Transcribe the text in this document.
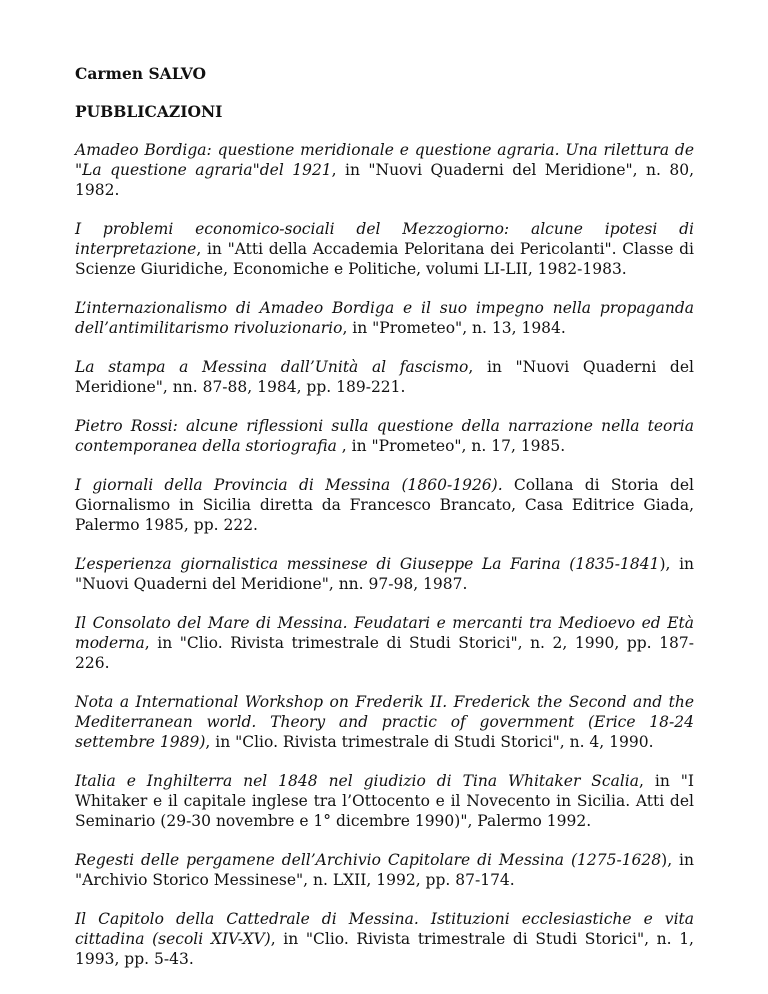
Carmen SALVO

PUBBLICAZIONI

Amadeo Bordiga: questione meridionale e questione agraria. Una rilettura de "La questione agraria"del 1921, in "Nuovi Quaderni del Meridione", n. 80, 1982.

I problemi economico-sociali del Mezzogiorno: alcune ipotesi di interpretazione, in "Atti della Accademia Peloritana dei Pericolanti". Classe di Scienze Giuridiche, Economiche e Politiche, volumi LI-LII, 1982-1983.

L’internazionalismo di Amadeo Bordiga e il suo impegno nella propaganda dell’antimilitarismo rivoluzionario, in "Prometeo", n. 13, 1984.

La stampa a Messina dall’Unità al fascismo, in "Nuovi Quaderni del Meridione", nn. 87-88, 1984, pp. 189-221.

Pietro Rossi: alcune riflessioni sulla questione della narrazione nella teoria contemporanea della storiografia , in "Prometeo", n. 17, 1985.

I giornali della Provincia di Messina (1860-1926). Collana di Storia del Giornalismo in Sicilia diretta da Francesco Brancato, Casa Editrice Giada, Palermo 1985, pp. 222.

L’esperienza giornalistica messinese di Giuseppe La Farina (1835-1841), in "Nuovi Quaderni del Meridione", nn. 97-98, 1987.

Il Consolato del Mare di Messina. Feudatari e mercanti tra Medioevo ed Età moderna, in "Clio. Rivista trimestrale di Studi Storici", n. 2, 1990, pp. 187-226.

Nota a International Workshop on Frederik II. Frederick the Second and the Mediterranean world. Theory and practic of government (Erice 18-24 settembre 1989), in "Clio. Rivista trimestrale di Studi Storici", n. 4, 1990.

Italia e Inghilterra nel 1848 nel giudizio di Tina Whitaker Scalia, in "I Whitaker e il capitale inglese tra l’Ottocento e il Novecento in Sicilia. Atti del Seminario (29-30 novembre e 1° dicembre 1990)", Palermo 1992.

Regesti delle pergamene dell’Archivio Capitolare di Messina (1275-1628), in "Archivio Storico Messinese", n. LXII, 1992, pp. 87-174.

Il Capitolo della Cattedrale di Messina. Istituzioni ecclesiastiche e vita cittadina (secoli XIV-XV), in "Clio. Rivista trimestrale di Studi Storici", n. 1, 1993, pp. 5-43.
